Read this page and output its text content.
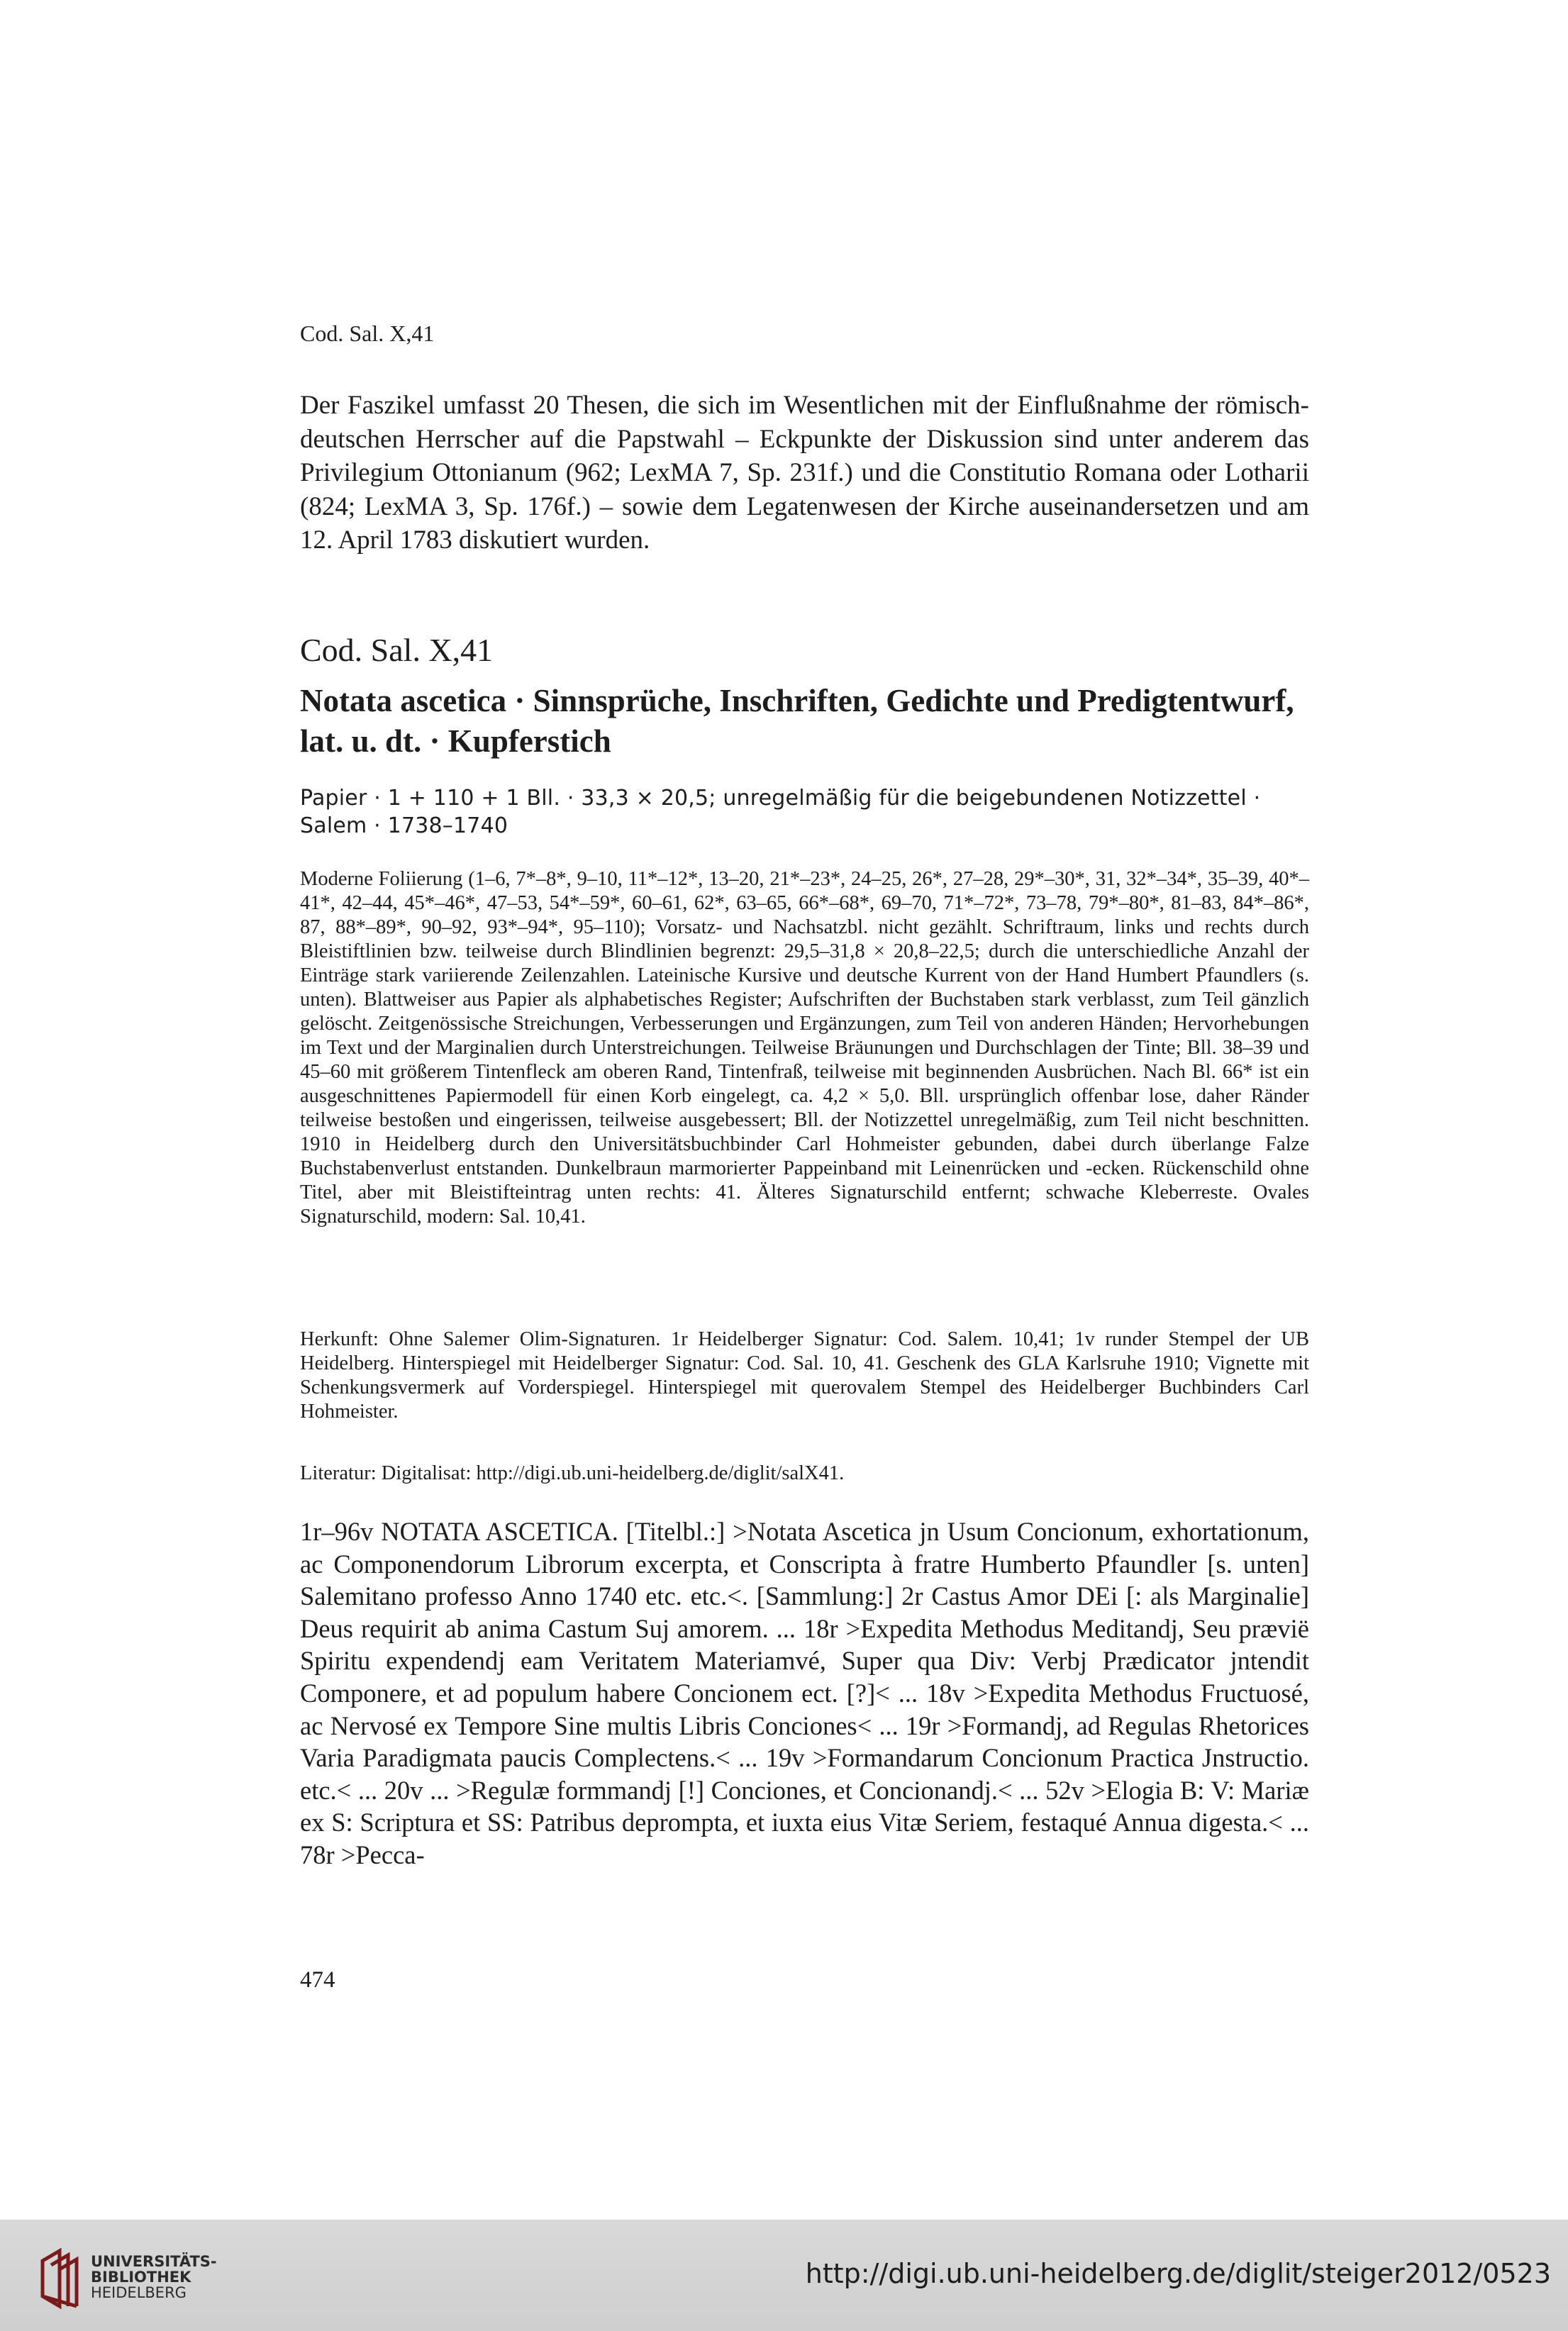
Cod. Sal. X,41
Der Faszikel umfasst 20 Thesen, die sich im Wesentlichen mit der Einflußnahme der römisch-deutschen Herrscher auf die Papstwahl – Eckpunkte der Diskussion sind unter anderem das Privilegium Ottonianum (962; LexMA 7, Sp. 231f.) und die Constitutio Romana oder Lotharii (824; LexMA 3, Sp. 176f.) – sowie dem Legatenwesen der Kirche auseinandersetzen und am 12. April 1783 diskutiert wurden.
Cod. Sal. X,41
Notata ascetica · Sinnsprüche, Inschriften, Gedichte und Predigtentwurf, lat. u. dt. · Kupferstich
Papier · 1 + 110 + 1 Bll. · 33,3 × 20,5; unregelmäßig für die beigebundenen Notizzettel · Salem · 1738–1740
Moderne Foliierung (1–6, 7*–8*, 9–10, 11*–12*, 13–20, 21*–23*, 24–25, 26*, 27–28, 29*–30*, 31, 32*–34*, 35–39, 40*–41*, 42–44, 45*–46*, 47–53, 54*–59*, 60–61, 62*, 63–65, 66*–68*, 69–70, 71*–72*, 73–78, 79*–80*, 81–83, 84*–86*, 87, 88*–89*, 90–92, 93*–94*, 95–110); Vorsatz- und Nachsatzbl. nicht gezählt. Schriftraum, links und rechts durch Bleistiftlinien bzw. teilweise durch Blindlinien begrenzt: 29,5–31,8 × 20,8–22,5; durch die unterschiedliche Anzahl der Einträge stark variierende Zeilenzahlen. Lateinische Kursive und deutsche Kurrent von der Hand Humbert Pfaundlers (s. unten). Blattweiser aus Papier als alphabetisches Register; Aufschriften der Buchstaben stark verblasst, zum Teil gänzlich gelöscht. Zeitgenössische Streichungen, Verbesserungen und Ergänzungen, zum Teil von anderen Händen; Hervorhebungen im Text und der Marginalien durch Unterstreichungen. Teilweise Bräunungen und Durchschlagen der Tinte; Bll. 38–39 und 45–60 mit größerem Tintenfleck am oberen Rand, Tintenfraß, teilweise mit beginnenden Ausbrüchen. Nach Bl. 66* ist ein ausgeschnittenes Papiermodell für einen Korb eingelegt, ca. 4,2 × 5,0. Bll. ursprünglich offenbar lose, daher Ränder teilweise bestoßen und eingerissen, teilweise ausgebessert; Bll. der Notizzettel unregelmäßig, zum Teil nicht beschnitten. 1910 in Heidelberg durch den Universitätsbuchbinder Carl Hohmeister gebunden, dabei durch überlange Falze Buchstabenverlust entstanden. Dunkelbraun marmorierter Pappeinband mit Leinenrücken und -ecken. Rückenschild ohne Titel, aber mit Bleistifteintrag unten rechts: 41. Älteres Signaturschild entfernt; schwache Kleberreste. Ovales Signaturschild, modern: Sal. 10,41.
Herkunft: Ohne Salemer Olim-Signaturen. 1r Heidelberger Signatur: Cod. Salem. 10,41; 1v runder Stempel der UB Heidelberg. Hinterspiegel mit Heidelberger Signatur: Cod. Sal. 10, 41. Geschenk des GLA Karlsruhe 1910; Vignette mit Schenkungsvermerk auf Vorderspiegel. Hinterspiegel mit querovalem Stempel des Heidelberger Buchbinders Carl Hohmeister.
Literatur: Digitalisat: http://digi.ub.uni-heidelberg.de/diglit/salX41.
1r–96v NOTATA ASCETICA. [Titelbl.:] >Notata Ascetica jn Usum Concionum, exhortationum, ac Componendorum Librorum excerpta, et Conscripta à fratre Humberto Pfaundler [s. unten] Salemitano professo Anno 1740 etc. etc.<. [Sammlung:] 2r Castus Amor DEi [: als Marginalie] Deus requirit ab anima Castum Suj amorem. ... 18r >Expedita Methodus Meditandj, Seu prævië Spiritu expendendj eam Veritatem Materiamvé, Super qua Div: Verbj Prædicator jntendit Componere, et ad populum habere Concionem ect. [?]< ... 18v >Expedita Methodus Fructuosé, ac Nervosé ex Tempore Sine multis Libris Conciones< ... 19r >Formandj, ad Regulas Rhetorices Varia Paradigmata paucis Complectens.< ... 19v >Formandarum Concionum Practica Jnstructio. etc.< ... 20v ... >Regulæ formmandj [!] Conciones, et Concionandj.< ... 52v >Elogia B: V: Mariæ ex S: Scriptura et SS: Patribus deprompta, et iuxta eius Vitæ Seriem, festaqué Annua digesta.< ... 78r >Pecca-
474
UNIVERSITÄTS-
BIBLIOTHEK
HEIDELBERG
http://digi.ub.uni-heidelberg.de/diglit/steiger2012/0523
